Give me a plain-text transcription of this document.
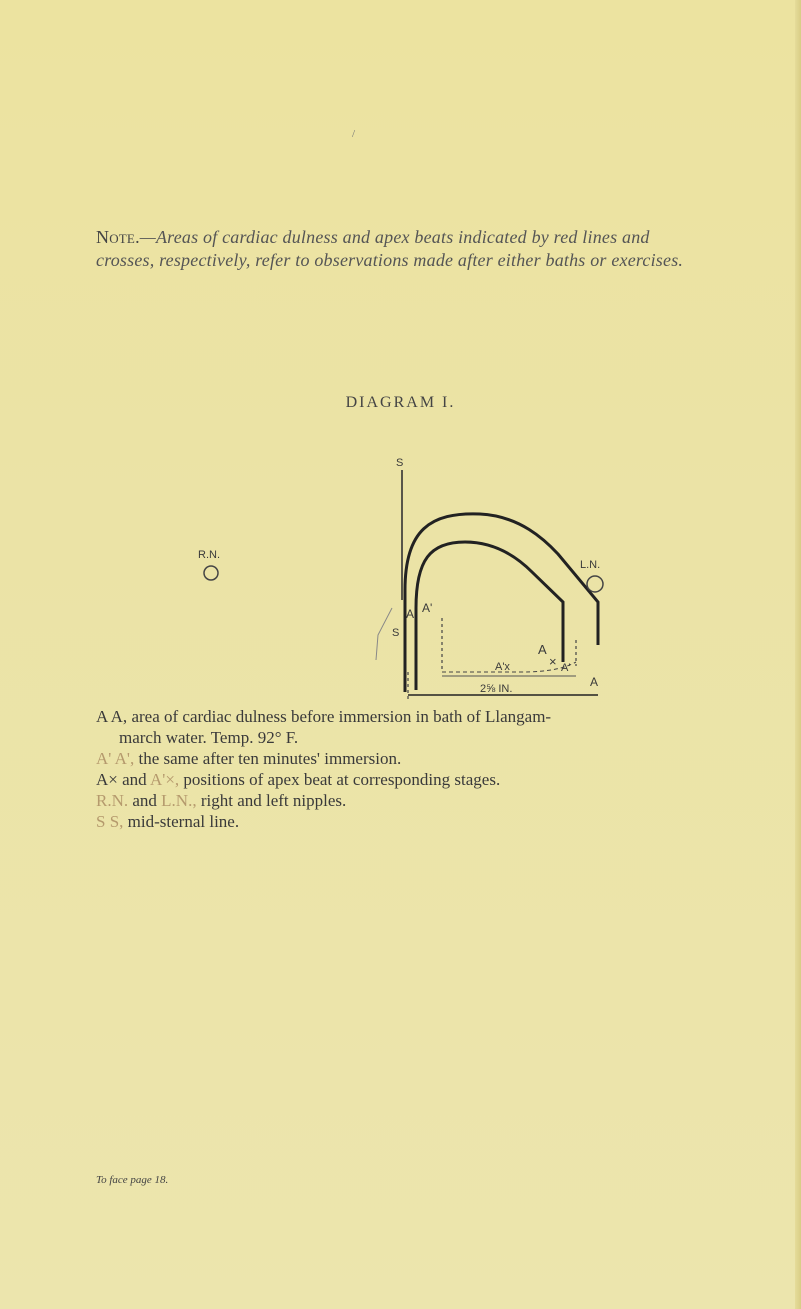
/
Note.—Areas of cardiac dulness and apex beats indicated by red lines and crosses, respectively, refer to observations made after either baths or exercises.
DIAGRAM I.
S
R.N.
L.N.
A A'
S
A
A'x	× A'
A
2⅝ IN.

A A, area of cardiac dulness before immersion in bath of Llangam-

march water. Temp. 92° F.

A' A', the same after ten minutes' immersion.

A× and A'×, positions of apex beat at corresponding stages.

R.N. and L.N., right and left nipples.

S S, mid-sternal line.

To face page 18.
